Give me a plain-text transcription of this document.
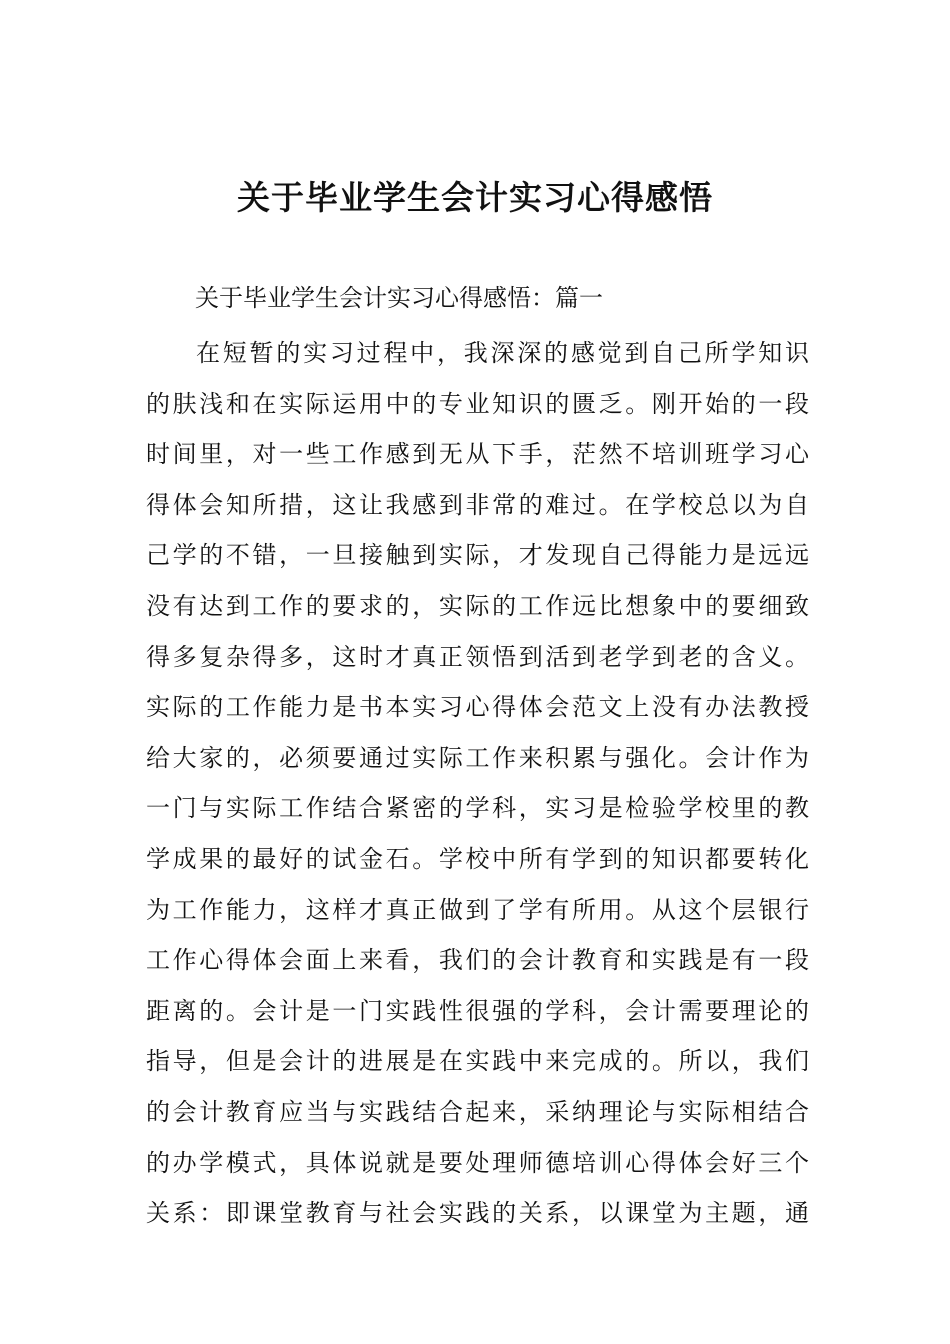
关于毕业学生会计实习心得感悟
关于毕业学生会计实习心得感悟：篇一
在短暂的实习过程中，我深深的感觉到自己所学知识
的肤浅和在实际运用中的专业知识的匮乏。刚开始的一段
时间里，对一些工作感到无从下手，茫然不培训班学习心
得体会知所措，这让我感到非常的难过。在学校总以为自
己学的不错，一旦接触到实际，才发现自己得能力是远远
没有达到工作的要求的，实际的工作远比想象中的要细致
得多复杂得多，这时才真正领悟到活到老学到老的含义。
实际的工作能力是书本实习心得体会范文上没有办法教授
给大家的，必须要通过实际工作来积累与强化。会计作为
一门与实际工作结合紧密的学科，实习是检验学校里的教
学成果的最好的试金石。学校中所有学到的知识都要转化
为工作能力，这样才真正做到了学有所用。从这个层银行
工作心得体会面上来看，我们的会计教育和实践是有一段
距离的。会计是一门实践性很强的学科，会计需要理论的
指导，但是会计的进展是在实践中来完成的。所以，我们
的会计教育应当与实践结合起来，采纳理论与实际相结合
的办学模式，具体说就是要处理师德培训心得体会好三个
关系：即课堂教育与社会实践的关系，以课堂为主题，通
